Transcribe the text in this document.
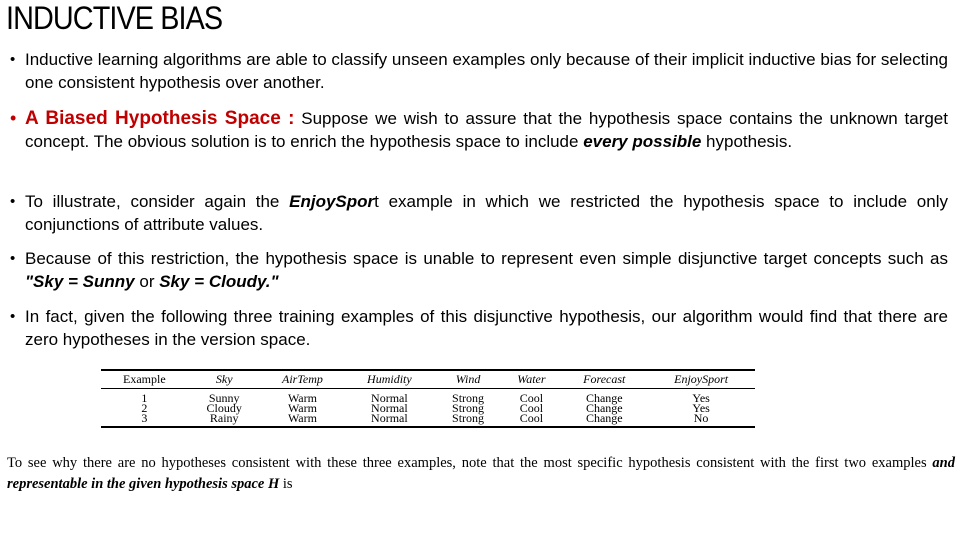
INDUCTIVE BIAS
• Inductive learning algorithms are able to classify unseen examples only because of their implicit inductive bias for selecting one consistent hypothesis over another.
• A Biased Hypothesis Space : Suppose we wish to assure that the hypothesis space contains the unknown target concept. The obvious solution is to enrich the hypothesis space to include every possible hypothesis.
• To illustrate, consider again the EnjoySport example in which we restricted the hypothesis space to include only conjunctions of attribute values.
• Because of this restriction, the hypothesis space is unable to represent even simple disjunctive target concepts such as "Sky = Sunny or Sky = Cloudy."
• In fact, given the following three training examples of this disjunctive hypothesis, our algorithm would find that there are zero hypotheses in the version space.
Example	Sky	AirTemp	Humidity	Wind	Water	Forecast	EnjoySport
1	Sunny	Warm	Normal	Strong	Cool	Change	Yes
2	Cloudy	Warm	Normal	Strong	Cool	Change	Yes
3	Rainy	Warm	Normal	Strong	Cool	Change	No
To see why there are no hypotheses consistent with these three examples, note that the most specific hypothesis consistent with the first two examples and representable in the given hypothesis space H is
